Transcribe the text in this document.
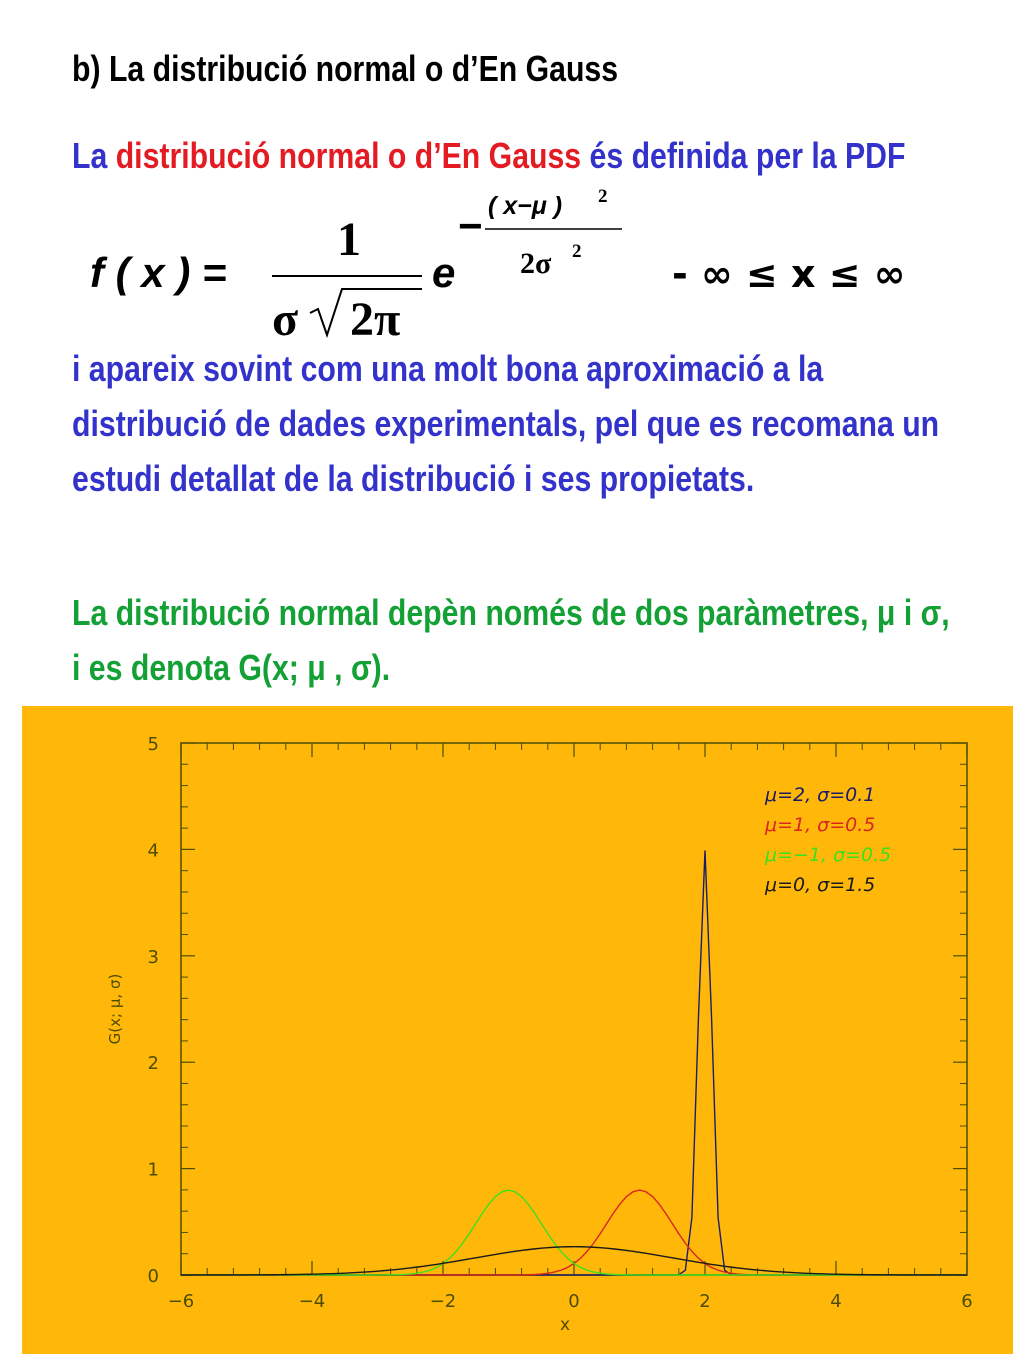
b) La distribució normal o d’En Gauss
La distribució normal o d’En Gauss és definida per la PDF
f ( x ) =
1
σ 2π
e
− ( x−μ ) 2
2σ 2
- ∞ ≤ x ≤ ∞
i apareix sovint com una molt bona aproximació a la distribució de dades experimentals, pel que es recomana un estudi detallat de la distribució i ses propietats.
La distribució normal depèn només de dos paràmetres, μ i σ, i es denota G(x; μ , σ).
−6	−4	−2	0	2	4	6
0
1
2
3
4
5
x
G(x; μ, σ)
μ=2, σ=0.1
μ=1, σ=0.5
μ=−1, σ=0.5
μ=0, σ=1.5
